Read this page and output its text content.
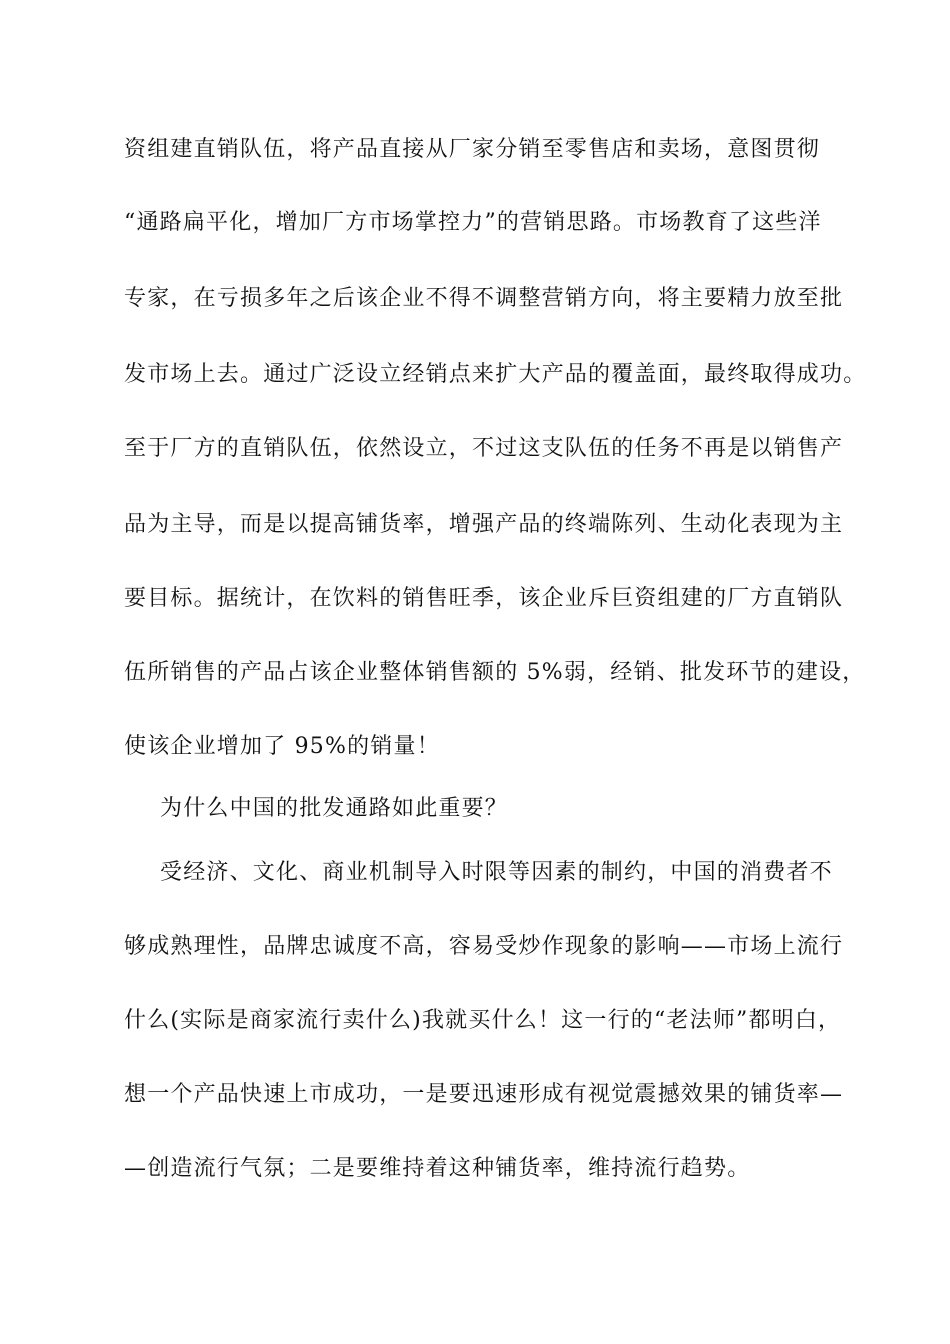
资组建直销队伍，将产品直接从厂家分销至零售店和卖场，意图贯彻
“通路扁平化，增加厂方市场掌控力”的营销思路。市场教育了这些洋
专家，在亏损多年之后该企业不得不调整营销方向，将主要精力放至批
发市场上去。通过广泛设立经销点来扩大产品的覆盖面，最终取得成功。
至于厂方的直销队伍，依然设立，不过这支队伍的任务不再是以销售产
品为主导，而是以提高铺货率，增强产品的终端陈列、生动化表现为主
要目标。据统计，在饮料的销售旺季，该企业斥巨资组建的厂方直销队
伍所销售的产品占该企业整体销售额的 5%弱，经销、批发环节的建设，
使该企业增加了 95%的销量！
为什么中国的批发通路如此重要？
受经济、文化、商业机制导入时限等因素的制约，中国的消费者不
够成熟理性，品牌忠诚度不高，容易受炒作现象的影响——市场上流行
什么(实际是商家流行卖什么)我就买什么！这一行的“老法师”都明白，
想一个产品快速上市成功，一是要迅速形成有视觉震撼效果的铺货率—
—创造流行气氛；二是要维持着这种铺货率，维持流行趋势。
